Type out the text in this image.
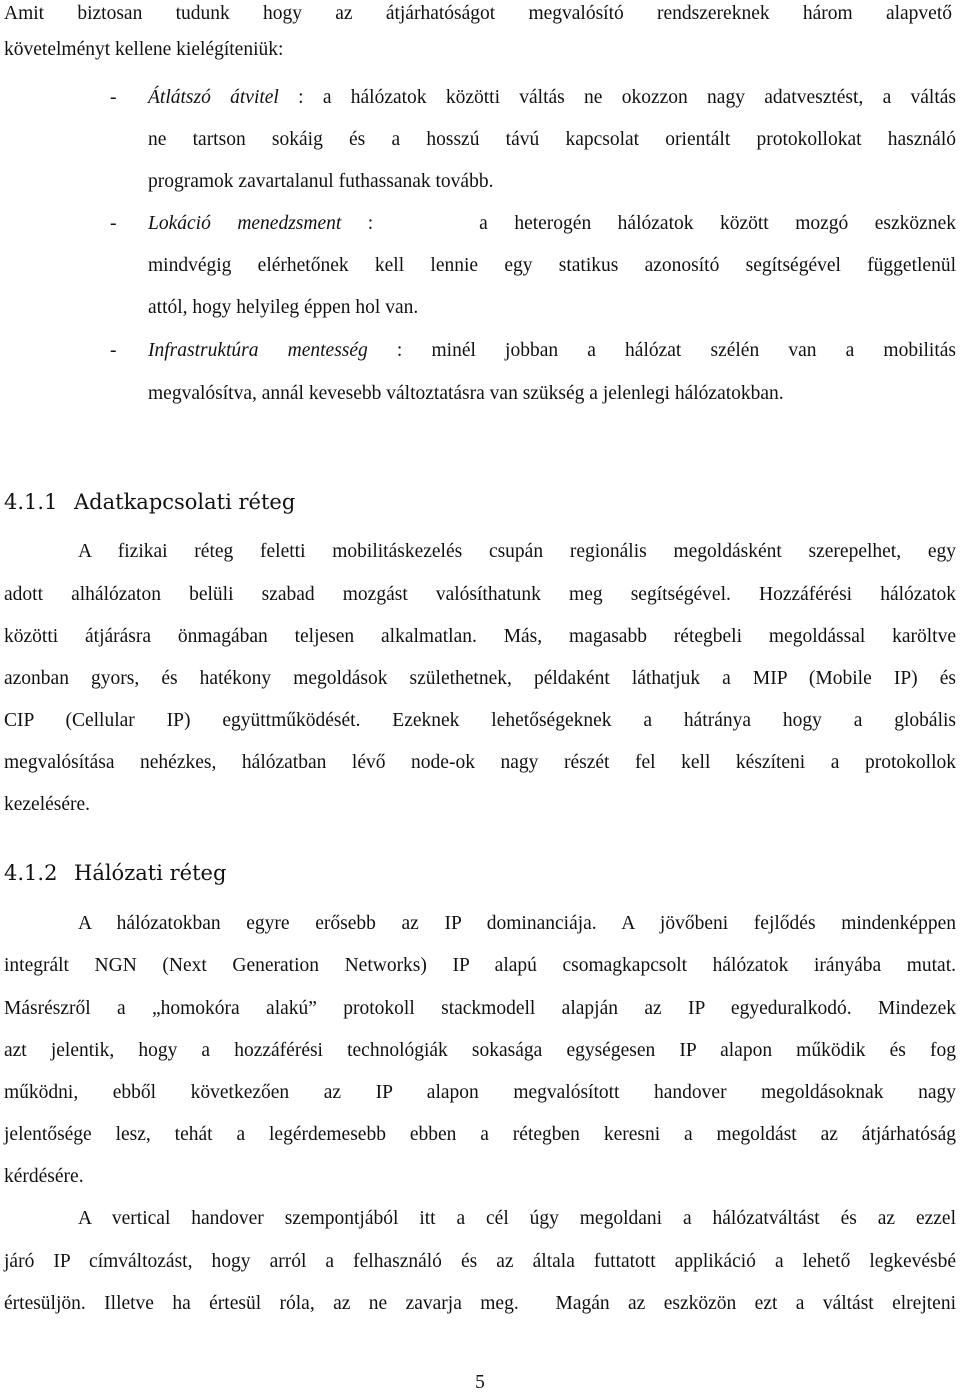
Amit biztosan tudunk hogy az átjárhatóságot megvalósító rendszereknek három alapvető
követelményt kellene kielégíteniük:
- Átlátszó átvitel : a hálózatok közötti váltás ne okozzon nagy adatvesztést, a váltás
ne tartson sokáig és a hosszú távú kapcsolat orientált protokollokat használó
programok zavartalanul futhassanak tovább.
- Lokáció menedzsment :    a heterogén hálózatok között mozgó eszköznek
mindvégig elérhetőnek kell lennie egy statikus azonosító segítségével függetlenül
attól, hogy helyileg éppen hol van.
- Infrastruktúra mentesség : minél jobban a hálózat szélén van a mobilitás
megvalósítva, annál kevesebb változtatásra van szükség a jelenlegi hálózatokban.
4.1.1 Adatkapcsolati réteg
A fizikai réteg feletti mobilitáskezelés csupán regionális megoldásként szerepelhet, egy
adott alhálózaton belüli szabad mozgást valósíthatunk meg segítségével. Hozzáférési hálózatok
közötti átjárásra önmagában teljesen alkalmatlan. Más, magasabb rétegbeli megoldással karöltve
azonban gyors, és hatékony megoldások születhetnek, példaként láthatjuk a MIP (Mobile IP) és
CIP (Cellular IP) együttműködését. Ezeknek lehetőségeknek a hátránya hogy a globális
megvalósítása nehézkes, hálózatban lévő node-ok nagy részét fel kell készíteni a protokollok
kezelésére.
4.1.2 Hálózati réteg
A hálózatokban egyre erősebb az IP dominanciája. A jövőbeni fejlődés mindenképpen
integrált NGN (Next Generation Networks) IP alapú csomagkapcsolt hálózatok irányába mutat.
Másrészről a „homokóra alakú” protokoll stackmodell alapján az IP egyeduralkodó. Mindezek
azt jelentik, hogy a hozzáférési technológiák sokasága egységesen IP alapon működik és fog
működni, ebből következően az IP alapon megvalósított handover megoldásoknak nagy
jelentősége lesz, tehát a legérdemesebb ebben a rétegben keresni a megoldást az átjárhatóság
kérdésére.
A vertical handover szempontjából itt a cél úgy megoldani a hálózatváltást és az ezzel
járó IP címváltozást, hogy arról a felhasználó és az általa futtatott applikáció a lehető legkevésbé
értesüljön. Illetve ha értesül róla, az ne zavarja meg.  Magán az eszközön ezt a váltást elrejteni
5
